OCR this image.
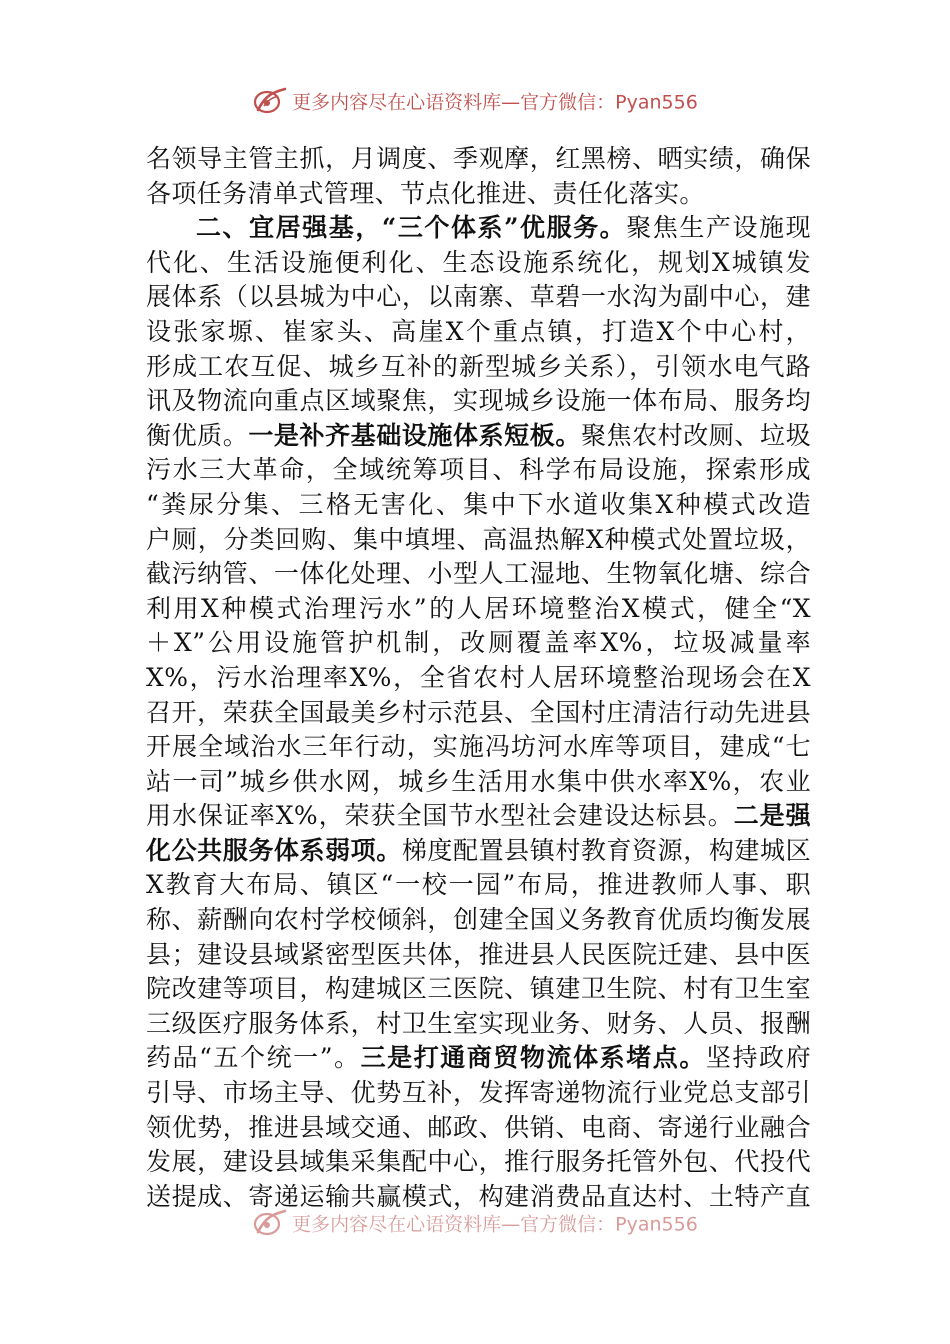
更多内容尽在心语资料库—官方微信：Pyan556
名领导主管主抓，月调度、季观摩，红黑榜、晒实绩，确保
各项任务清单式管理、节点化推进、责任化落实。
二、宜居强基，“三个体系”优服务。聚焦生产设施现
代化、生活设施便利化、生态设施系统化，规划X城镇发
展体系（以县城为中心，以南寨、草碧一水沟为副中心，建
设张家塬、崔家头、高崖X个重点镇，打造X个中心村，
形成工农互促、城乡互补的新型城乡关系），引领水电气路
讯及物流向重点区域聚焦，实现城乡设施一体布局、服务均
衡优质。一是补齐基础设施体系短板。聚焦农村改厕、垃圾
污水三大革命，全域统筹项目、科学布局设施，探索形成
“粪尿分集、三格无害化、集中下水道收集X种模式改造
户厕，分类回购、集中填埋、高温热解X种模式处置垃圾，
截污纳管、一体化处理、小型人工湿地、生物氧化塘、综合
利用X种模式治理污水”的人居环境整治X模式，健全“X
＋X”公用设施管护机制，改厕覆盖率X%，垃圾减量率
X%，污水治理率X%，全省农村人居环境整治现场会在X
召开，荣获全国最美乡村示范县、全国村庄清洁行动先进县
开展全域治水三年行动，实施冯坊河水库等项目，建成“七
站一司”城乡供水网，城乡生活用水集中供水率X%，农业
用水保证率X%，荣获全国节水型社会建设达标县。二是强
化公共服务体系弱项。梯度配置县镇村教育资源，构建城区
X教育大布局、镇区“一校一园”布局，推进教师人事、职
称、薪酬向农村学校倾斜，创建全国义务教育优质均衡发展
县；建设县域紧密型医共体，推进县人民医院迁建、县中医
院改建等项目，构建城区三医院、镇建卫生院、村有卫生室
三级医疗服务体系，村卫生室实现业务、财务、人员、报酬
药品“五个统一”。三是打通商贸物流体系堵点。坚持政府
引导、市场主导、优势互补，发挥寄递物流行业党总支部引
领优势，推进县域交通、邮政、供销、电商、寄递行业融合
发展，建设县域集采集配中心，推行服务托管外包、代投代
送提成、寄递运输共赢模式，构建消费品直达村、土特产直
更多内容尽在心语资料库—官方微信：Pyan556
